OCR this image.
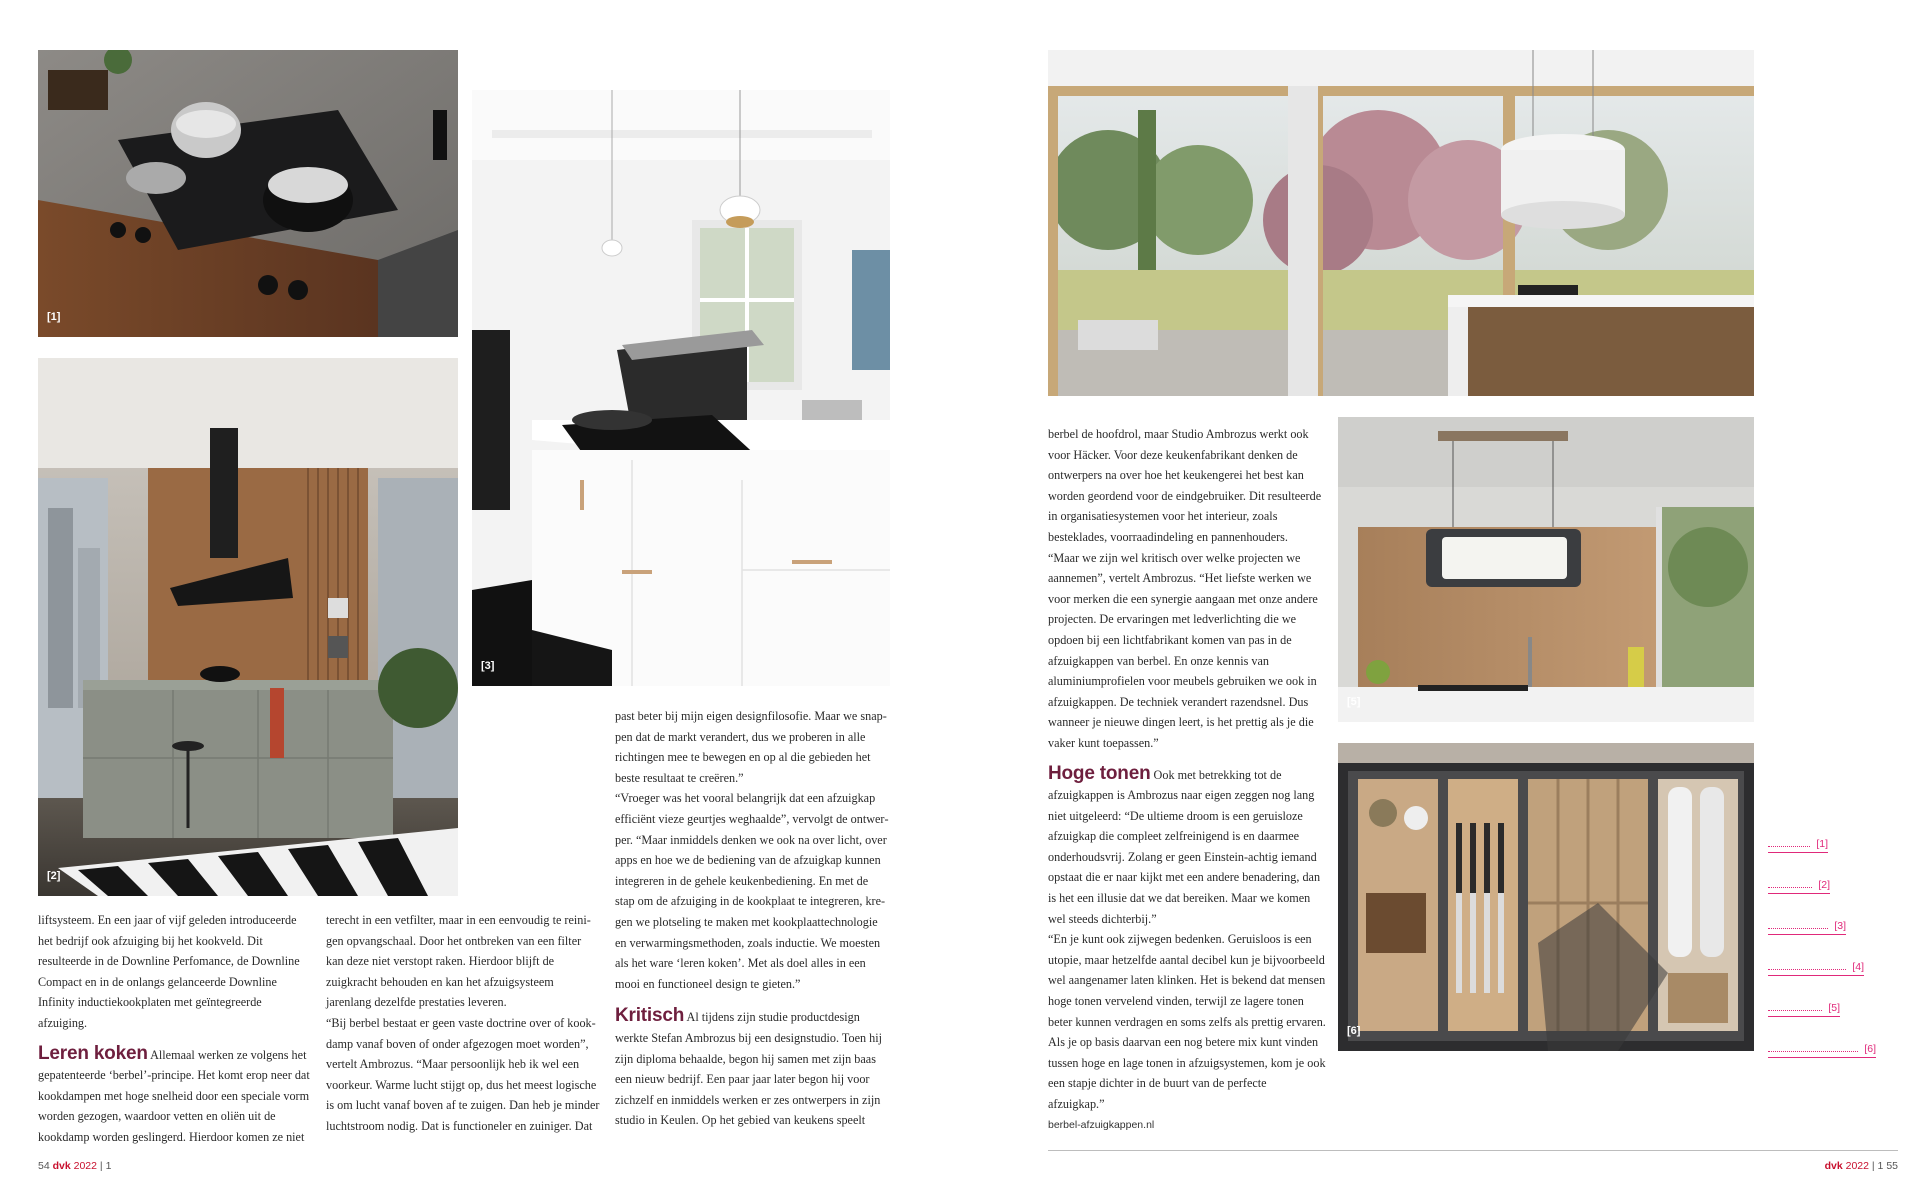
[1]
[2]
[3]

liftsysteem. En een jaar of vijf geleden introduceerde het bedrijf ook afzuiging bij het kookveld. Dit resulteerde in de Downline Perfomance, de Downline Compact en in de onlangs gelanceerde Downline Infinity inductiekookplaten met geïntegreerde afzuiging.

Leren koken Allemaal werken ze volgens het gepatenteerde ‘berbel’-principe. Het komt erop neer dat kookdampen met hoge snelheid door een speciale vorm worden gezogen, waardoor vetten en oliën uit de kookdamp worden geslingerd. Hierdoor komen ze niet

terecht in een vetfilter, maar in een eenvoudig te reinigen opvangschaal. Door het ontbreken van een filter kan deze niet verstopt raken. Hierdoor blijft de zuigkracht behouden en kan het afzuigsysteem jarenlang dezelfde prestaties leveren.

“Bij berbel bestaat er geen vaste doctrine over of kookdamp vanaf boven of onder afgezogen moet worden”, vertelt Ambrozus. “Maar persoonlijk heb ik wel een voorkeur. Warme lucht stijgt op, dus het meest logische is om lucht vanaf boven af te zuigen. Dan heb je minder luchtstroom nodig. Dat is functioneler en zuiniger. Dat

past beter bij mijn eigen designfilosofie. Maar we snappen dat de markt verandert, dus we proberen in alle richtingen mee te bewegen en op al die gebieden het beste resultaat te creëren.”

“Vroeger was het vooral belangrijk dat een afzuigkap efficiënt vieze geurtjes weghaalde”, vervolgt de ontwerper. “Maar inmiddels denken we ook na over licht, over apps en hoe we de bediening van de afzuigkap kunnen integreren in de gehele keukenbediening. En met de stap om de afzuiging in de kookplaat te integreren, kregen we plotseling te maken met kookplaattechnologie en verwarmingsmethoden, zoals inductie. We moesten als het ware ‘leren koken’. Met als doel alles in een mooi en functioneel design te gieten.”

Kritisch Al tijdens zijn studie productdesign werkte Stefan Ambrozus bij een designstudio. Toen hij zijn diploma behaalde, begon hij samen met zijn baas een nieuw bedrijf. Een paar jaar later begon hij voor zichzelf en inmiddels werken er zes ontwerpers in zijn studio in Keulen. Op het gebied van keukens speelt

[5]
[6]

berbel de hoofdrol, maar Studio Ambrozus werkt ook voor Häcker. Voor deze keukenfabrikant denken de ontwerpers na over hoe het keukengerei het best kan worden geordend voor de eindgebruiker. Dit resulteerde in organisatiesystemen voor het interieur, zoals besteklades, voorraadindeling en pannenhouders.

“Maar we zijn wel kritisch over welke projecten we aannemen”, vertelt Ambrozus. “Het liefste werken we voor merken die een synergie aangaan met onze andere projecten. De ervaringen met ledverlichting die we opdoen bij een lichtfabrikant komen van pas in de afzuigkappen van berbel. En onze kennis van aluminiumprofielen voor meubels gebruiken we ook in afzuigkappen. De techniek verandert razendsnel. Dus wanneer je nieuwe dingen leert, is het prettig als je die vaker kunt toepassen.”

Hoge tonen Ook met betrekking tot de afzuigkappen is Ambrozus naar eigen zeggen nog lang niet uitgeleerd: “De ultieme droom is een geruisloze afzuigkap die compleet zelfreinigend is en daarmee onderhoudsvrij. Zolang er geen Einstein-achtig iemand opstaat die er naar kijkt met een andere benadering, dan is het een illusie dat we dat bereiken. Maar we komen wel steeds dichterbij.”

“En je kunt ook zijwegen bedenken. Geruisloos is een utopie, maar hetzelfde aantal decibel kun je bijvoorbeeld wel aangenamer laten klinken. Het is bekend dat mensen hoge tonen vervelend vinden, terwijl ze lagere tonen beter kunnen verdragen en soms zelfs als prettig ervaren. Als je op basis daarvan een nog betere mix kunt vinden tussen hoge en lage tonen in afzuigsystemen, kom je ook een stapje dichter in de buurt van de perfecte afzuigkap.”

berbel-afzuigkappen.nl

[1]
[2]
[3]
[4]
[5]
[6]
54 dvk 2022 | 1	dvk 2022 | 1 55
